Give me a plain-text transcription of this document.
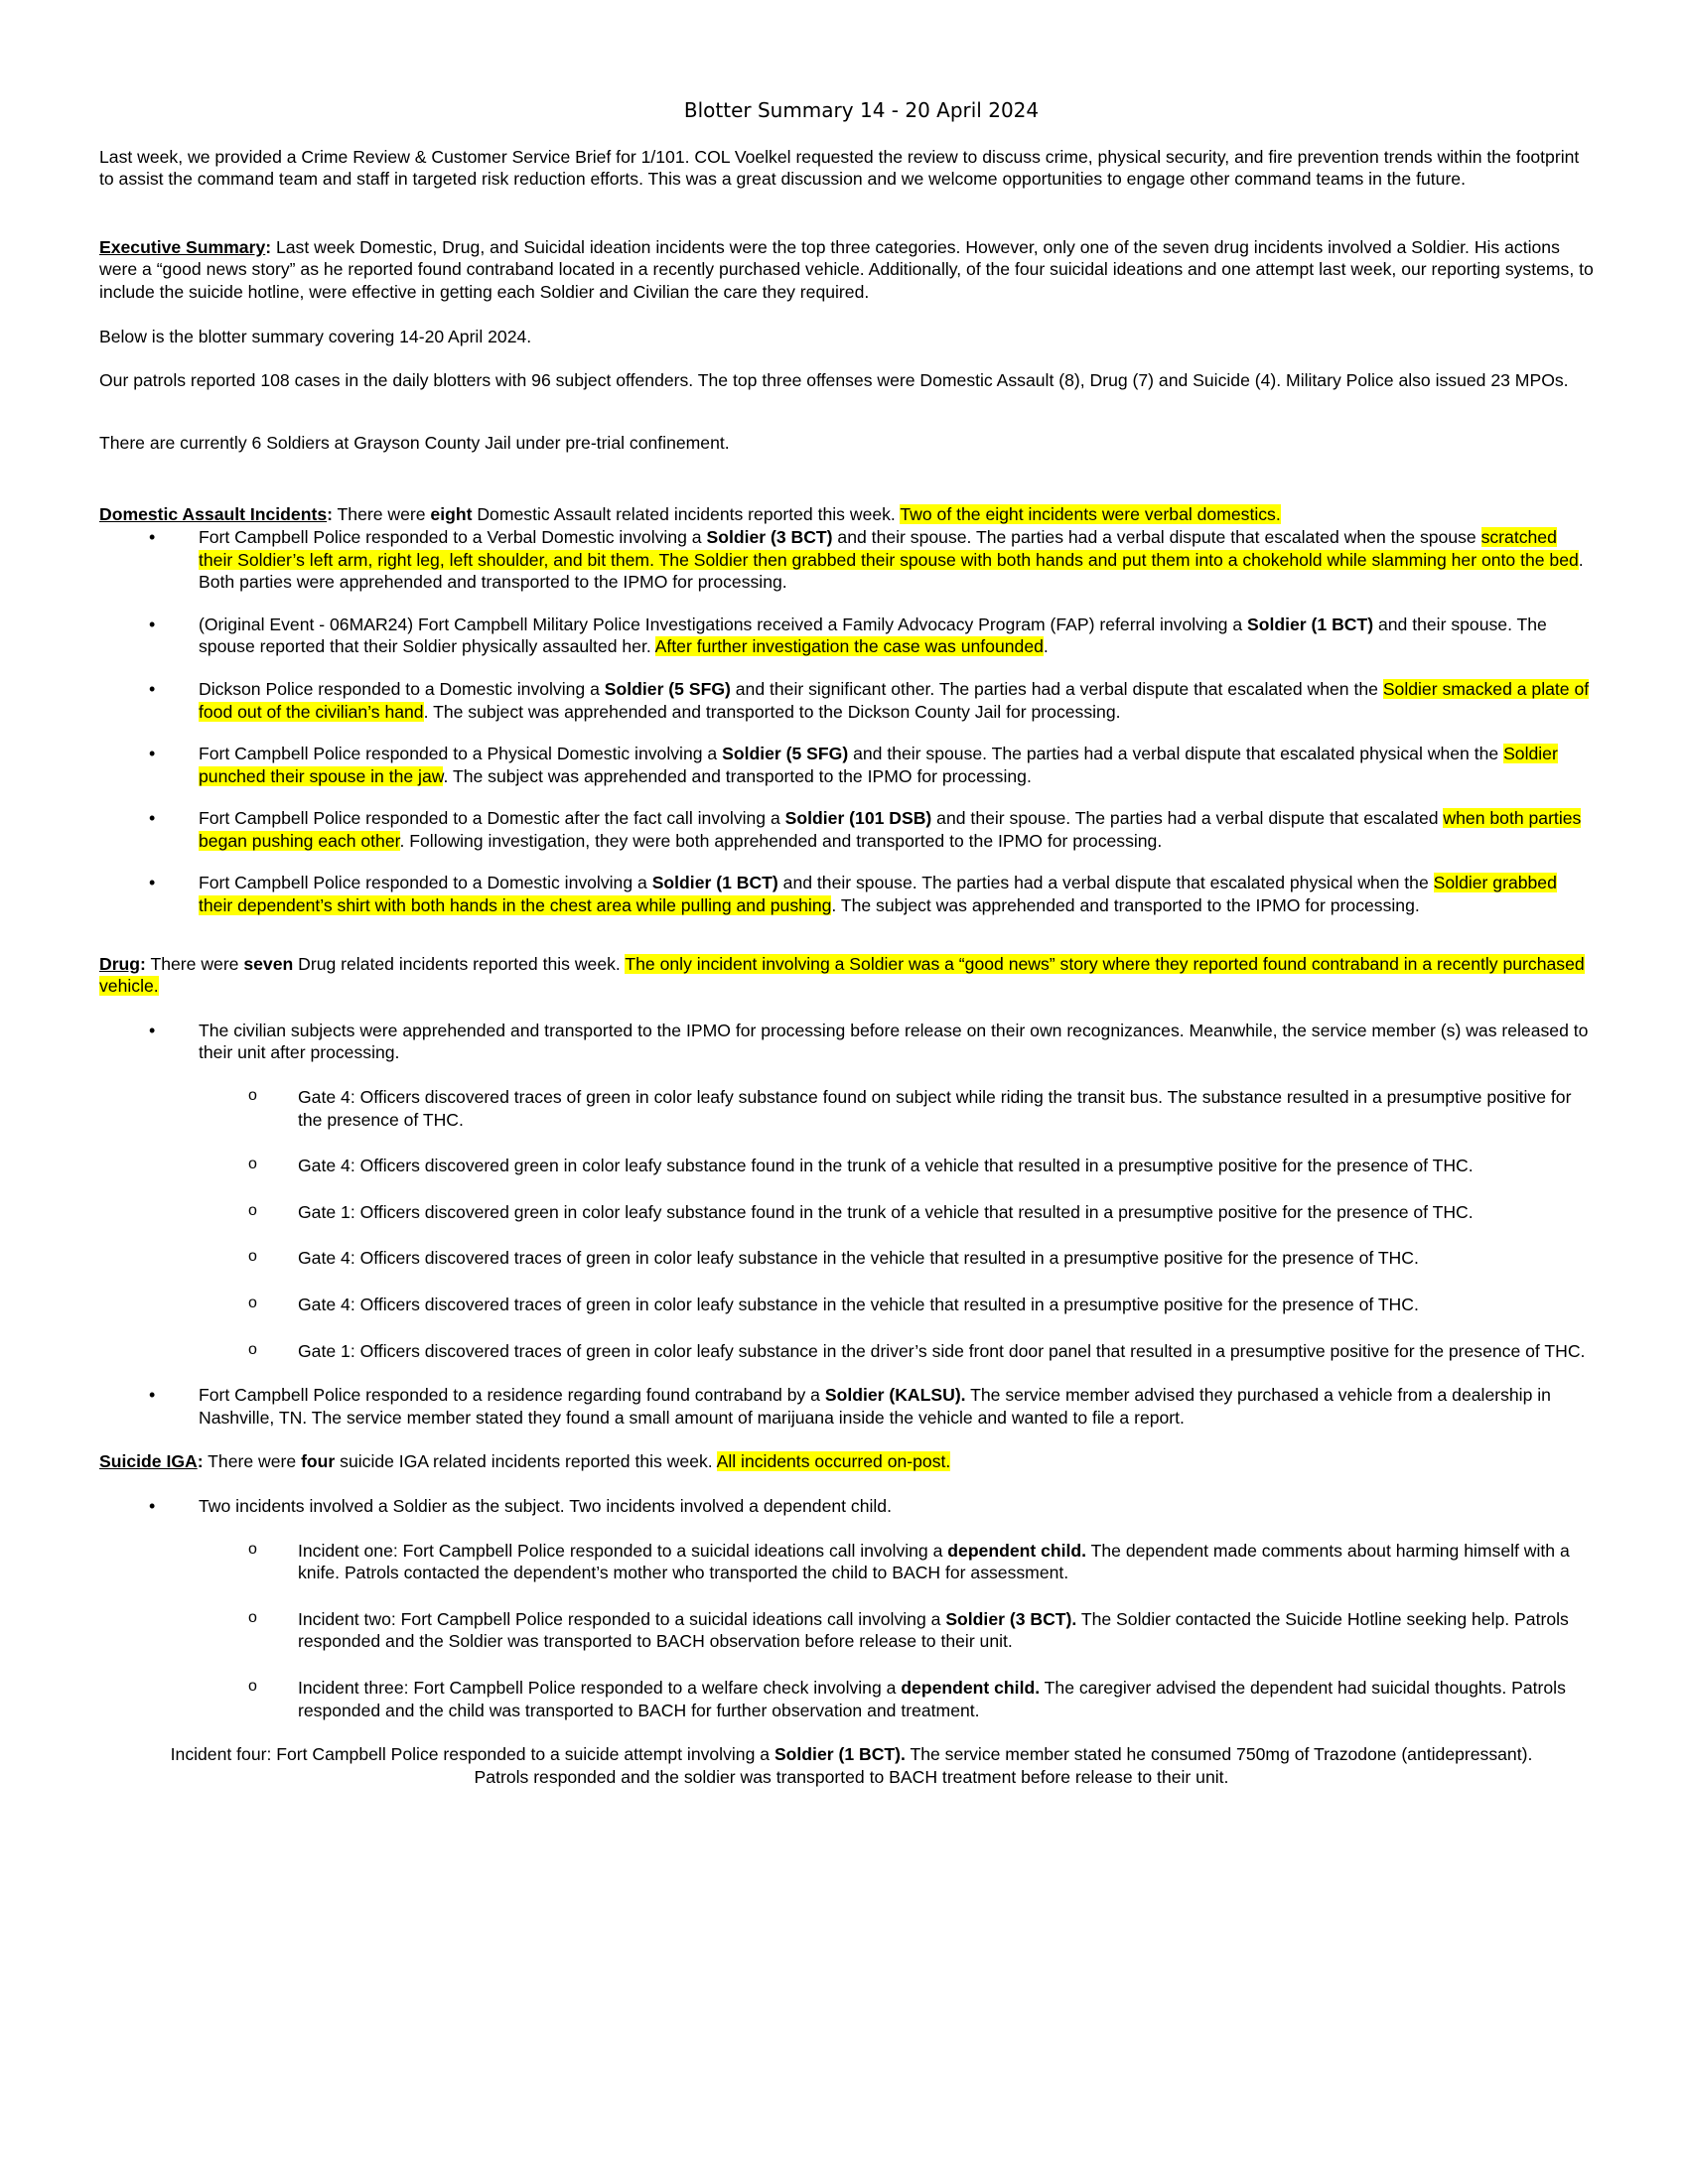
Blotter Summary 14 - 20 April 2024

Last week, we provided a Crime Review & Customer Service Brief for 1/101. COL Voelkel requested the review to discuss crime, physical security, and fire prevention trends within the footprint to assist the command team and staff in targeted risk reduction efforts. This was a great discussion and we welcome opportunities to engage other command teams in the future.

Executive Summary: Last week Domestic, Drug, and Suicidal ideation incidents were the top three categories. However, only one of the seven drug incidents involved a Soldier. His actions were a “good news story” as he reported found contraband located in a recently purchased vehicle. Additionally, of the four suicidal ideations and one attempt last week, our reporting systems, to include the suicide hotline, were effective in getting each Soldier and Civilian the care they required.

Below is the blotter summary covering 14-20 April 2024.

Our patrols reported 108 cases in the daily blotters with 96 subject offenders. The top three offenses were Domestic Assault (8), Drug (7) and Suicide (4). Military Police also issued 23 MPOs.

There are currently 6 Soldiers at Grayson County Jail under pre-trial confinement.

Domestic Assault Incidents: There were eight Domestic Assault related incidents reported this week. Two of the eight incidents were verbal domestics.

• Fort Campbell Police responded to a Verbal Domestic involving a Soldier (3 BCT) and their spouse. The parties had a verbal dispute that escalated when the spouse scratched their Soldier’s left arm, right leg, left shoulder, and bit them. The Soldier then grabbed their spouse with both hands and put them into a chokehold while slamming her onto the bed. Both parties were apprehended and transported to the IPMO for processing.
• (Original Event - 06MAR24) Fort Campbell Military Police Investigations received a Family Advocacy Program (FAP) referral involving a Soldier (1 BCT) and their spouse. The spouse reported that their Soldier physically assaulted her. After further investigation the case was unfounded.
• Dickson Police responded to a Domestic involving a Soldier (5 SFG) and their significant other. The parties had a verbal dispute that escalated when the Soldier smacked a plate of food out of the civilian’s hand. The subject was apprehended and transported to the Dickson County Jail for processing.
• Fort Campbell Police responded to a Physical Domestic involving a Soldier (5 SFG) and their spouse. The parties had a verbal dispute that escalated physical when the Soldier punched their spouse in the jaw. The subject was apprehended and transported to the IPMO for processing.
• Fort Campbell Police responded to a Domestic after the fact call involving a Soldier (101 DSB) and their spouse. The parties had a verbal dispute that escalated when both parties began pushing each other. Following investigation, they were both apprehended and transported to the IPMO for processing.
• Fort Campbell Police responded to a Domestic involving a Soldier (1 BCT) and their spouse. The parties had a verbal dispute that escalated physical when the Soldier grabbed their dependent’s shirt with both hands in the chest area while pulling and pushing. The subject was apprehended and transported to the IPMO for processing.

Drug: There were seven Drug related incidents reported this week. The only incident involving a Soldier was a “good news” story where they reported found contraband in a recently purchased vehicle.

• The civilian subjects were apprehended and transported to the IPMO for processing before release on their own recognizances. Meanwhile, the service member (s) was released to their unit after processing.
o Gate 4: Officers discovered traces of green in color leafy substance found on subject while riding the transit bus. The substance resulted in a presumptive positive for the presence of THC.
o Gate 4: Officers discovered green in color leafy substance found in the trunk of a vehicle that resulted in a presumptive positive for the presence of THC.
o Gate 1: Officers discovered green in color leafy substance found in the trunk of a vehicle that resulted in a presumptive positive for the presence of THC.
o Gate 4: Officers discovered traces of green in color leafy substance in the vehicle that resulted in a presumptive positive for the presence of THC.
o Gate 4: Officers discovered traces of green in color leafy substance in the vehicle that resulted in a presumptive positive for the presence of THC.
o Gate 1: Officers discovered traces of green in color leafy substance in the driver’s side front door panel that resulted in a presumptive positive for the presence of THC.
• Fort Campbell Police responded to a residence regarding found contraband by a Soldier (KALSU). The service member advised they purchased a vehicle from a dealership in Nashville, TN. The service member stated they found a small amount of marijuana inside the vehicle and wanted to file a report.

Suicide IGA: There were four suicide IGA related incidents reported this week. All incidents occurred on-post.

• Two incidents involved a Soldier as the subject. Two incidents involved a dependent child.
o Incident one: Fort Campbell Police responded to a suicidal ideations call involving a dependent child. The dependent made comments about harming himself with a knife. Patrols contacted the dependent’s mother who transported the child to BACH for assessment.
o Incident two: Fort Campbell Police responded to a suicidal ideations call involving a Soldier (3 BCT). The Soldier contacted the Suicide Hotline seeking help. Patrols responded and the Soldier was transported to BACH observation before release to their unit.
o Incident three: Fort Campbell Police responded to a welfare check involving a dependent child. The caregiver advised the dependent had suicidal thoughts. Patrols responded and the child was transported to BACH for further observation and treatment.

Incident four: Fort Campbell Police responded to a suicide attempt involving a Soldier (1 BCT). The service member stated he consumed 750mg of Trazodone (antidepressant). Patrols responded and the soldier was transported to BACH treatment before release to their unit.
